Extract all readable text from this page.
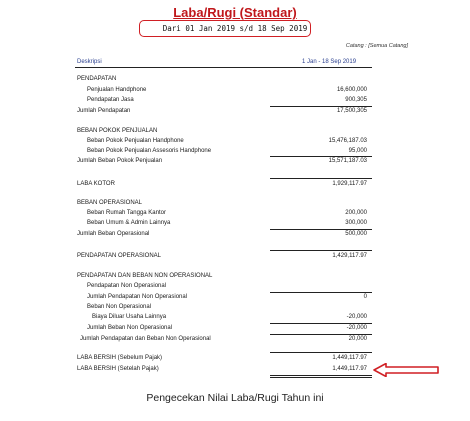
Laba/Rugi (Standar)
Dari 01 Jan 2019 s/d 18 Sep 2019
Catang : [Semua Catang]
Deskripsi	1 Jan - 18 Sep 2019
PENDAPATAN
Penjualan Handphone	16,600,000
Pendapatan Jasa	900,305
Jumlah Pendapatan	17,500,305
BEBAN POKOK PENJUALAN
Beban Pokok Penjualan Handphone	15,476,187.03
Beban Pokok Penjualan Assesoris Handphone	95,000
Jumlah Beban Pokok Penjualan	15,571,187.03
LABA KOTOR	1,929,117.97
BEBAN OPERASIONAL
Beban Rumah Tangga Kantor	200,000
Beban Umum & Admin Lainnya	300,000
Jumlah Beban Operasional	500,000
PENDAPATAN OPERASIONAL	1,429,117.97
PENDAPATAN DAN BEBAN NON OPERASIONAL
Pendapatan Non Operasional
Jumlah Pendapatan Non Operasional	0
Beban Non Operasional
Biaya Diluar Usaha Lainnya	-20,000
Jumlah Beban Non Operasional	-20,000
Jumlah Pendapatan dan Beban Non Operasional	20,000
LABA BERSIH (Sebelum Pajak)	1,449,117.97
LABA BERSIH (Setelah Pajak)	1,449,117.97
Pengecekan Nilai Laba/Rugi Tahun ini
